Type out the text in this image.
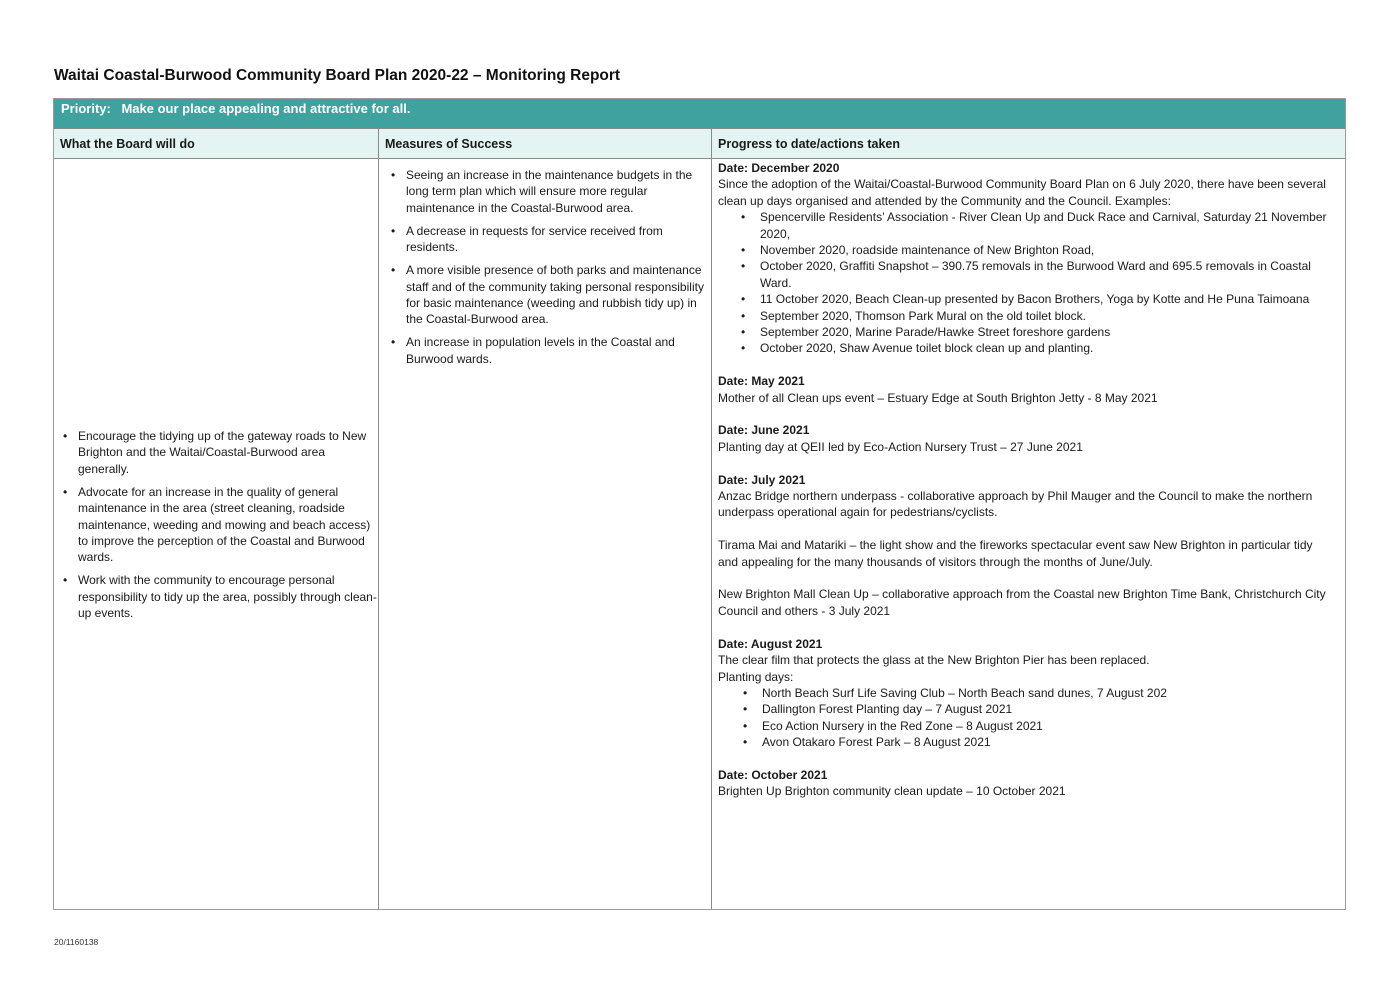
Waitai Coastal-Burwood Community Board Plan 2020-22 – Monitoring Report
Priority: Make our place appealing and attractive for all.
What the Board will do	Measures of Success	Progress to date/actions taken
• Encourage the tidying up of the gateway roads to New Brighton and the Waitai/Coastal-Burwood area generally.
• Advocate for an increase in the quality of general maintenance in the area (street cleaning, roadside maintenance, weeding and mowing and beach access) to improve the perception of the Coastal and Burwood wards.
• Work with the community to encourage personal responsibility to tidy up the area, possibly through clean-up events.
• Seeing an increase in the maintenance budgets in the long term plan which will ensure more regular maintenance in the Coastal-Burwood area.
• A decrease in requests for service received from residents.
• A more visible presence of both parks and maintenance staff and of the community taking personal responsibility for basic maintenance (weeding and rubbish tidy up) in the Coastal-Burwood area.
• An increase in population levels in the Coastal and Burwood wards.
Date: December 2020
Since the adoption of the Waitai/Coastal-Burwood Community Board Plan on 6 July 2020, there have been several clean up days organised and attended by the Community and the Council. Examples:
• Spencerville Residents’ Association - River Clean Up and Duck Race and Carnival, Saturday 21 November 2020,
• November 2020, roadside maintenance of New Brighton Road,
• October 2020, Graffiti Snapshot – 390.75 removals in the Burwood Ward and 695.5 removals in Coastal Ward.
• 11 October 2020, Beach Clean-up presented by Bacon Brothers, Yoga by Kotte and He Puna Taimoana
• September 2020, Thomson Park Mural on the old toilet block.
• September 2020, Marine Parade/Hawke Street foreshore gardens
• October 2020, Shaw Avenue toilet block clean up and planting.
Date: May 2021
Mother of all Clean ups event – Estuary Edge at South Brighton Jetty - 8 May 2021
Date: June 2021
Planting day at QEII led by Eco-Action Nursery Trust – 27 June 2021
Date: July 2021
Anzac Bridge northern underpass - collaborative approach by Phil Mauger and the Council to make the northern underpass operational again for pedestrians/cyclists.
Tirama Mai and Matariki – the light show and the fireworks spectacular event saw New Brighton in particular tidy and appealing for the many thousands of visitors through the months of June/July.
New Brighton Mall Clean Up – collaborative approach from the Coastal new Brighton Time Bank, Christchurch City Council and others - 3 July 2021
Date: August 2021
The clear film that protects the glass at the New Brighton Pier has been replaced.
Planting days:
• North Beach Surf Life Saving Club – North Beach sand dunes, 7 August 202
• Dallington Forest Planting day – 7 August 2021
• Eco Action Nursery in the Red Zone – 8 August 2021
• Avon Otakaro Forest Park – 8 August 2021
Date: October 2021
Brighten Up Brighton community clean update – 10 October 2021
20/1160138
